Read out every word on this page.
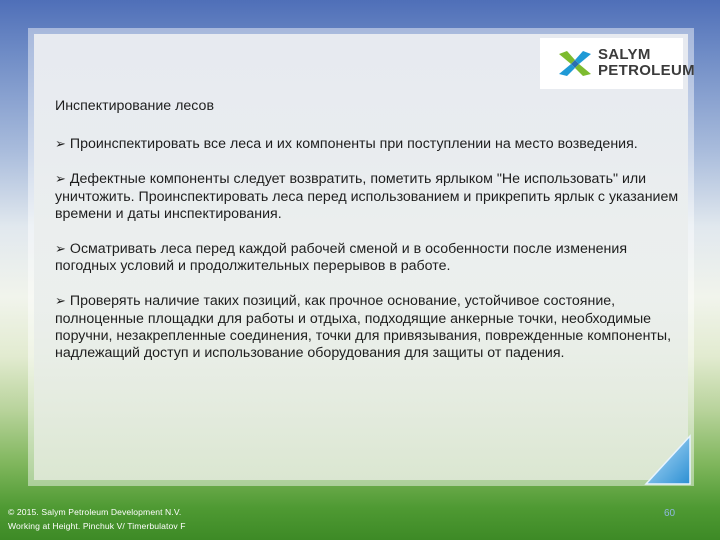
SALYM
PETROLEUM
Инспектирование лесов
➢ Проинспектировать все леса и их компоненты при поступлении на место возведения.
➢ Дефектные компоненты следует возвратить, пометить ярлыком "Не использовать" или уничтожить. Проинспектировать леса перед использованием и прикрепить ярлык с указанием времени и даты инспектирования.
➢ Осматривать леса перед каждой рабочей сменой и в особенности после изменения погодных условий и продолжительных перерывов в работе.
➢ Проверять наличие таких позиций, как прочное основание, устойчивое состояние, полноценные площадки для работы и отдыха, подходящие анкерные точки, необходимые поручни, незакрепленные соединения, точки для привязывания, поврежденные компоненты, надлежащий доступ и использование оборудования для защиты от падения.
© 2015. Salym Petroleum Development N.V.
Working at Height. Pinchuk V/ Timerbulatov F
60
